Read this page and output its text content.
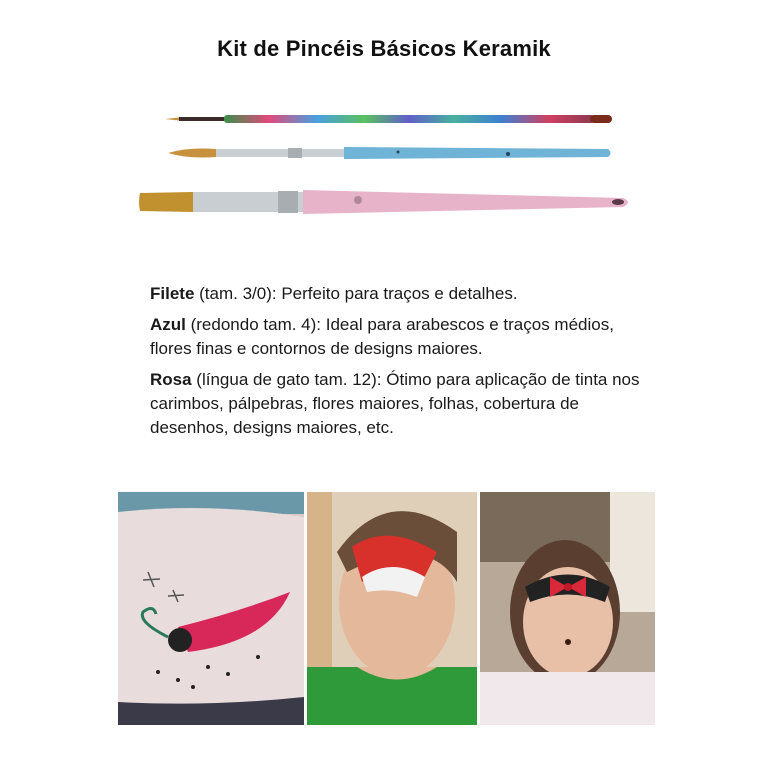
Kit de Pincéis Básicos Keramik

Filete (tam. 3/0): Perfeito para traços e detalhes.

Azul (redondo tam. 4): Ideal para arabescos e traços médios, flores finas e contornos de designs maiores.

Rosa (língua de gato tam. 12): Ótimo para aplicação de tinta nos carimbos, pálpebras, flores maiores, folhas, cobertura de desenhos, designs maiores, etc.
